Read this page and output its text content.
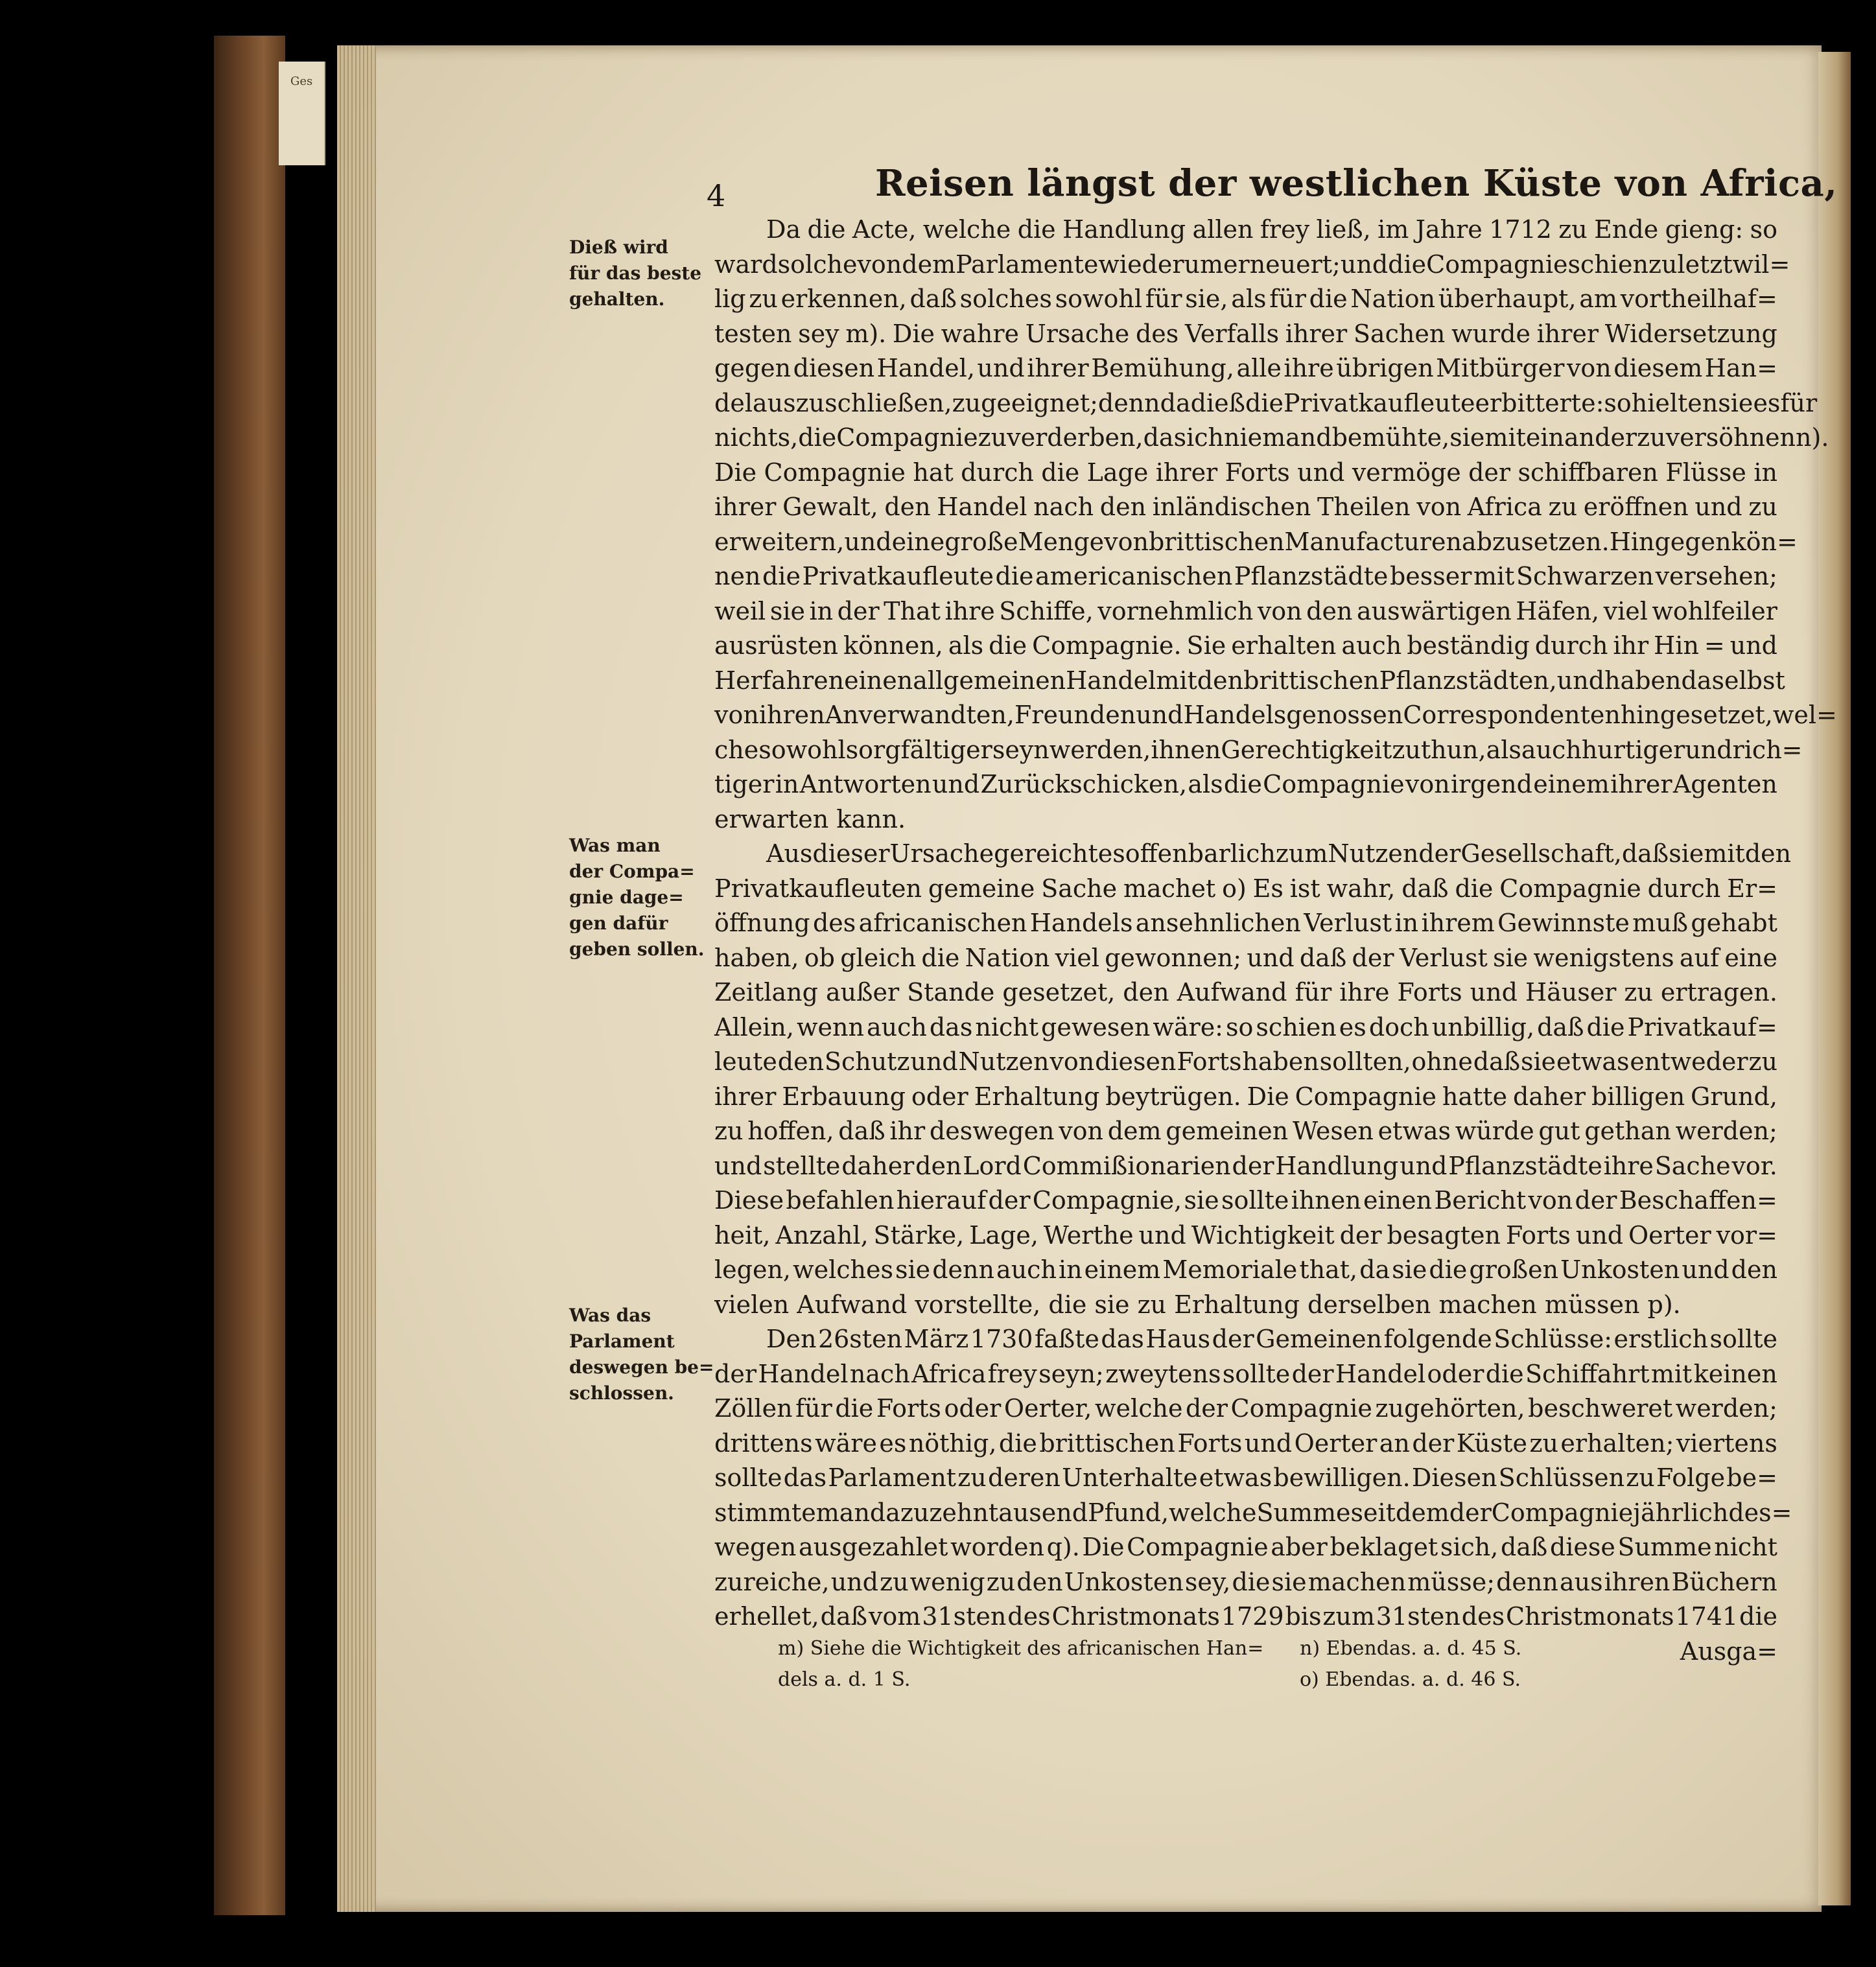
Ges
4	Reisen längst der westlichen Küste von Africa,
Dieß wird
für das beste
gehalten.
Was man
der Compa=
gnie dage=
gen dafür
geben sollen.
Was das
Parlament
deswegen be=
schlossen.
Da die Acte, welche die Handlung allen frey ließ, im Jahre 1712 zu Ende gieng: so
ward solche von dem Parlamente wiederum erneuert; und die Compagnie schien zuletzt wil=
lig zu erkennen, daß solches sowohl für sie, als für die Nation überhaupt, am vortheilhaf=
testen sey m). Die wahre Ursache des Verfalls ihrer Sachen wurde ihrer Widersetzung
gegen diesen Handel, und ihrer Bemühung, alle ihre übrigen Mitbürger von diesem Han=
del auszuschließen, zugeeignet; denn da dieß die Privatkaufleute erbitterte: so hielten sie es für
nichts, die Compagnie zu verderben, da sich niemand bemühte, sie mit einander zu versöhnen n).
Die Compagnie hat durch die Lage ihrer Forts und vermöge der schiffbaren Flüsse in
ihrer Gewalt, den Handel nach den inländischen Theilen von Africa zu eröffnen und zu
erweitern, und eine große Menge von brittischen Manufacturen abzusetzen. Hingegen kön=
nen die Privatkaufleute die americanischen Pflanzstädte besser mit Schwarzen versehen;
weil sie in der That ihre Schiffe, vornehmlich von den auswärtigen Häfen, viel wohlfeiler
ausrüsten können, als die Compagnie. Sie erhalten auch beständig durch ihr Hin = und
Herfahren einen allgemeinen Handel mit den brittischen Pflanzstädten, und haben daselbst
von ihren Anverwandten, Freunden und Handelsgenossen Correspondenten hingesetzet, wel=
che sowohl sorgfältiger seyn werden, ihnen Gerechtigkeit zu thun, als auch hurtiger und rich=
tiger in Antworten und Zurückschicken, als die Compagnie von irgend einem ihrer Agenten
erwarten kann.
Aus dieser Ursache gereicht es offenbarlich zum Nutzen der Gesellschaft, daß sie mit den
Privatkaufleuten gemeine Sache machet o) Es ist wahr, daß die Compagnie durch Er=
öffnung des africanischen Handels ansehnlichen Verlust in ihrem Gewinnste muß gehabt
haben, ob gleich die Nation viel gewonnen; und daß der Verlust sie wenigstens auf eine
Zeitlang außer Stande gesetzet, den Aufwand für ihre Forts und Häuser zu ertragen.
Allein, wenn auch das nicht gewesen wäre: so schien es doch unbillig, daß die Privatkauf=
leute den Schutz und Nutzen von diesen Forts haben sollten, ohne daß sie etwas entweder zu
ihrer Erbauung oder Erhaltung beytrügen. Die Compagnie hatte daher billigen Grund,
zu hoffen, daß ihr deswegen von dem gemeinen Wesen etwas würde gut gethan werden;
und stellte daher den Lord Commißionarien der Handlung und Pflanzstädte ihre Sache vor.
Diese befahlen hierauf der Compagnie, sie sollte ihnen einen Bericht von der Beschaffen=
heit, Anzahl, Stärke, Lage, Werthe und Wichtigkeit der besagten Forts und Oerter vor=
legen, welches sie denn auch in einem Memoriale that, da sie die großen Unkosten und den
vielen Aufwand vorstellte, die sie zu Erhaltung derselben machen müssen p).
Den 26sten März 1730 faßte das Haus der Gemeinen folgende Schlüsse: erstlich sollte
der Handel nach Africa frey seyn; zweytens sollte der Handel oder die Schiffahrt mit keinen
Zöllen für die Forts oder Oerter, welche der Compagnie zugehörten, beschweret werden;
drittens wäre es nöthig, die brittischen Forts und Oerter an der Küste zu erhalten; viertens
sollte das Parlament zu deren Unterhalte etwas bewilligen. Diesen Schlüssen zu Folge be=
stimmte man dazu zehn tausend Pfund, welche Summe seitdem der Compagnie jährlich des=
wegen ausgezahlet worden q). Die Compagnie aber beklaget sich, daß diese Summe nicht
zureiche, und zu wenig zu den Unkosten sey, die sie machen müsse; denn aus ihren Büchern
erhellet, daß vom 31sten des Christmonats 1729 bis zum 31sten des Christmonats 1741 die
Ausga=
m) Siehe die Wichtigkeit des africanischen Han=
dels a. d. 1 S.
n) Ebendas. a. d. 45 S.
o) Ebendas. a. d. 46 S.
